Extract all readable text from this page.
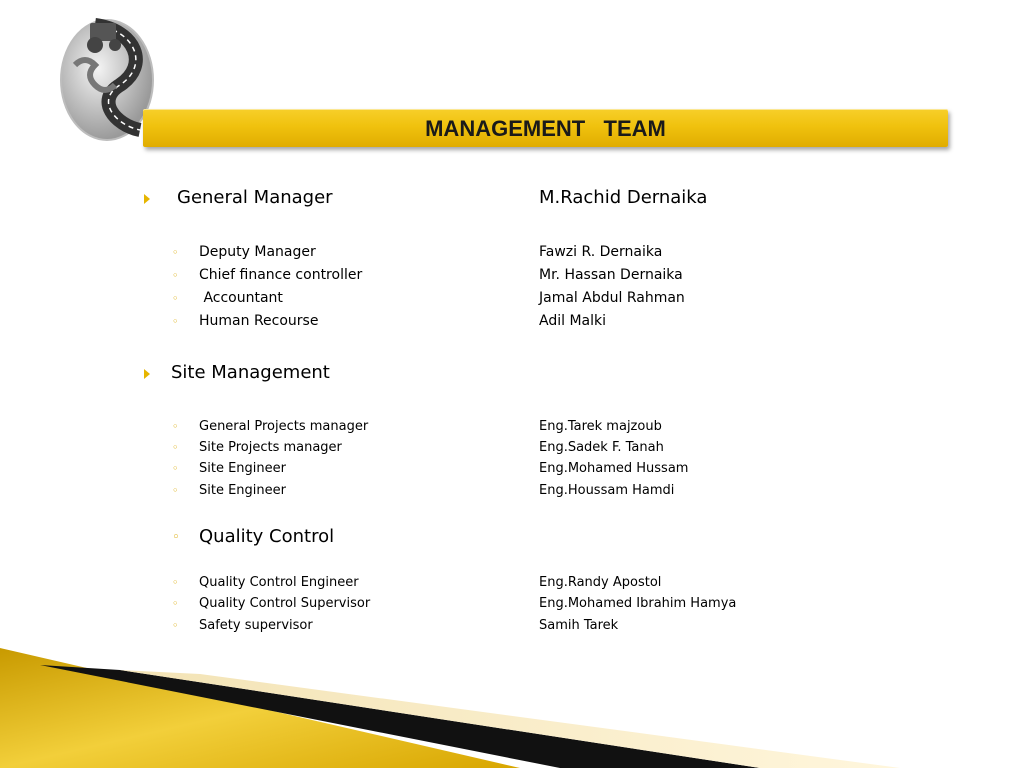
MANAGEMENT   TEAM
General Manager	M.Rachid Dernaika
◦ Deputy Manager	Fawzi R. Dernaika
◦ Chief finance controller	Mr. Hassan Dernaika
◦ Accountant	Jamal Abdul Rahman
◦ Human Recourse	Adil Malki
Site Management
◦ General Projects manager	Eng.Tarek majzoub
◦ Site Projects manager	Eng.Sadek F. Tanah
◦ Site Engineer	Eng.Mohamed Hussam
◦ Site Engineer	Eng.Houssam Hamdi
◦ Quality Control
◦ Quality Control Engineer	Eng.Randy Apostol
◦ Quality Control Supervisor	Eng.Mohamed Ibrahim Hamya
◦ Safety supervisor	Samih Tarek
